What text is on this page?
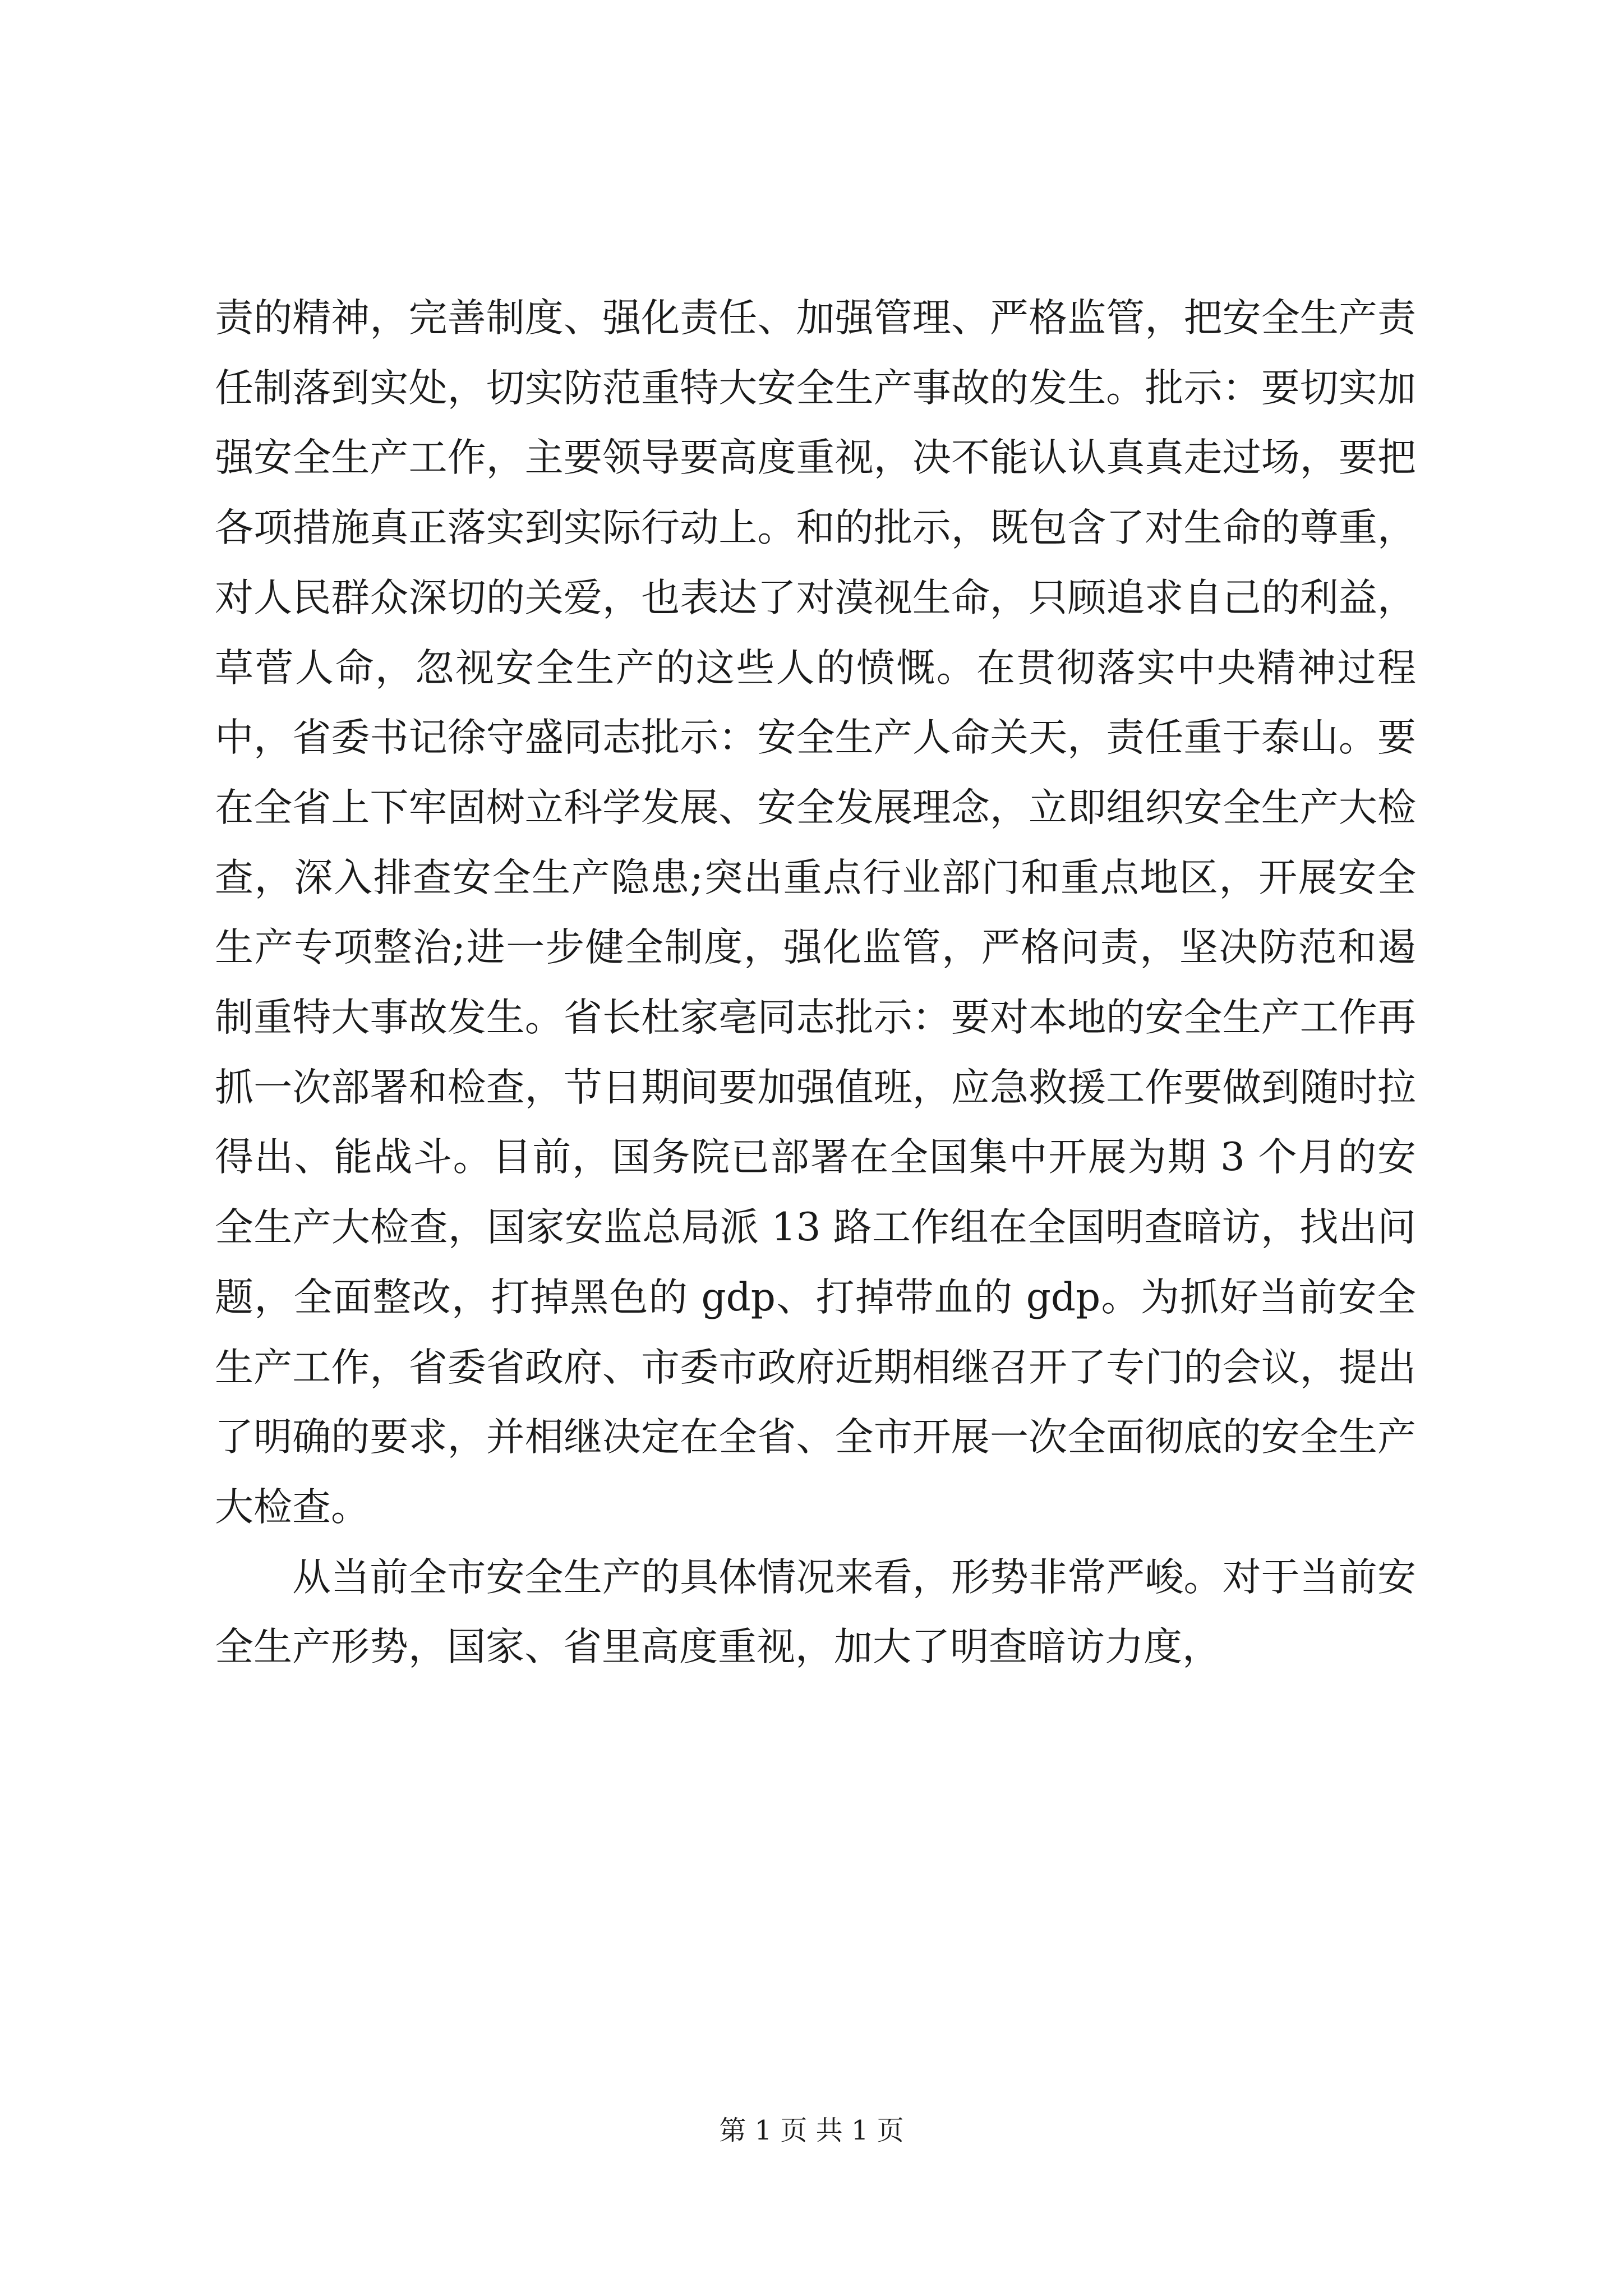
责的精神，完善制度、强化责任、加强管理、严格监管，把安全生产责任制落到实处，切实防范重特大安全生产事故的发生。批示：要切实加强安全生产工作，主要领导要高度重视，决不能认认真真走过场，要把各项措施真正落实到实际行动上。和的批示，既包含了对生命的尊重，对人民群众深切的关爱，也表达了对漠视生命，只顾追求自己的利益，草菅人命，忽视安全生产的这些人的愤慨。在贯彻落实中央精神过程中，省委书记徐守盛同志批示：安全生产人命关天，责任重于泰山。要在全省上下牢固树立科学发展、安全发展理念，立即组织安全生产大检查，深入排查安全生产隐患;突出重点行业部门和重点地区，开展安全生产专项整治;进一步健全制度，强化监管，严格问责，坚决防范和遏制重特大事故发生。省长杜家亳同志批示：要对本地的安全生产工作再抓一次部署和检查，节日期间要加强值班，应急救援工作要做到随时拉得出、能战斗。目前，国务院已部署在全国集中开展为期 3 个月的安全生产大检查，国家安监总局派 13 路工作组在全国明查暗访，找出问题，全面整改，打掉黑色的 gdp、打掉带血的 gdp。为抓好当前安全生产工作，省委省政府、市委市政府近期相继召开了专门的会议，提出了明确的要求，并相继决定在全省、全市开展一次全面彻底的安全生产大检查。

从当前全市安全生产的具体情况来看，形势非常严峻。对于当前安全生产形势，国家、省里高度重视，加大了明查暗访力度，

第 1 页 共 1 页
